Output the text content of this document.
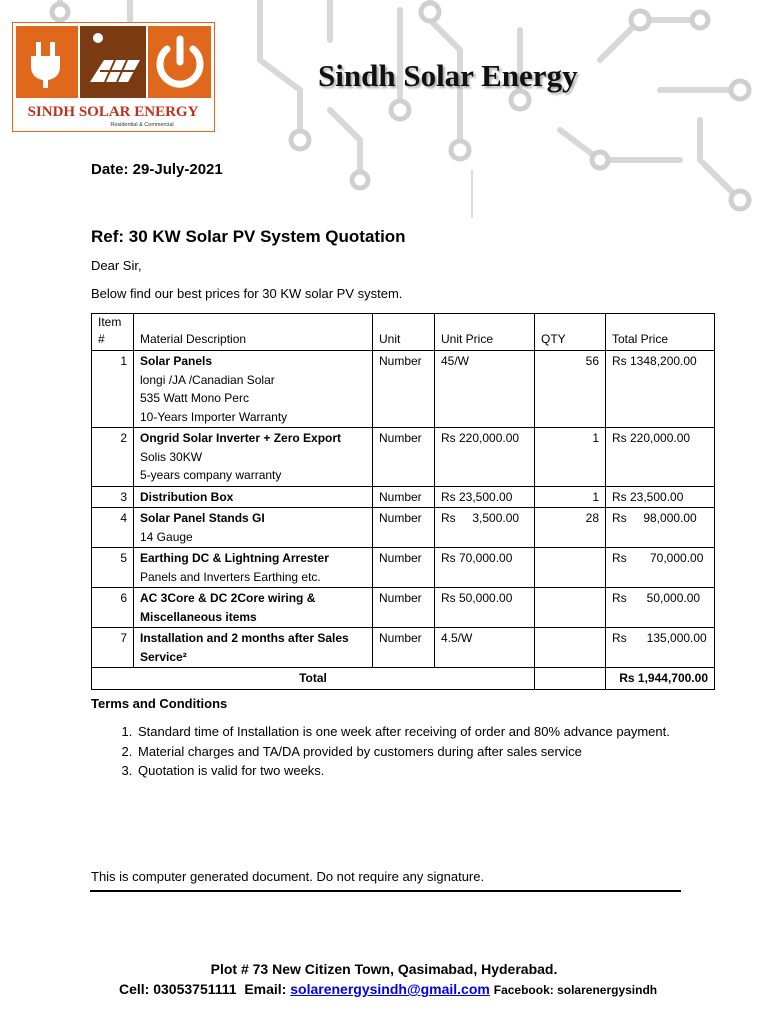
SINDH SOLAR ENERGY
Residential & Commercial
Sindh Solar Energy
Date: 29-July-2021
Ref: 30 KW Solar PV System Quotation
Dear Sir,
Below find our best prices for 30 KW solar PV system.
Item
#	Material Description	Unit	Unit Price	QTY	Total Price
1	Solar Panels
longi /JA /Canadian Solar
535 Watt Mono Perc
10-Years Importer Warranty	Number	45/W	56	Rs 1348,200.00
2	Ongrid Solar Inverter + Zero Export
Solis 30KW
5-years company warranty	Number	Rs 220,000.00	1	Rs 220,000.00
3	Distribution Box	Number	Rs 23,500.00	1	Rs 23,500.00
4	Solar Panel Stands GI
14 Gauge	Number	Rs     3,500.00	28	Rs     98,000.00
5	Earthing DC & Lightning Arrester
Panels and Inverters Earthing etc.	Number	Rs 70,000.00		Rs       70,000.00
6	AC 3Core & DC 2Core wiring & Miscellaneous items	Number	Rs 50,000.00		Rs      50,000.00
7	Installation and 2 months after Sales Service²	Number	4.5/W		Rs      135,000.00
Total					Rs 1,944,700.00
Terms and Conditions
1. Standard time of Installation is one week after receiving of order and 80% advance payment.
2. Material charges and TA/DA provided by customers during after sales service
3. Quotation is valid for two weeks.
This is computer generated document. Do not require any signature.
Plot # 73 New Citizen Town, Qasimabad, Hyderabad.
Cell: 03053751111  Email: solarenergysindh@gmail.com Facebook: solarenergysindh
